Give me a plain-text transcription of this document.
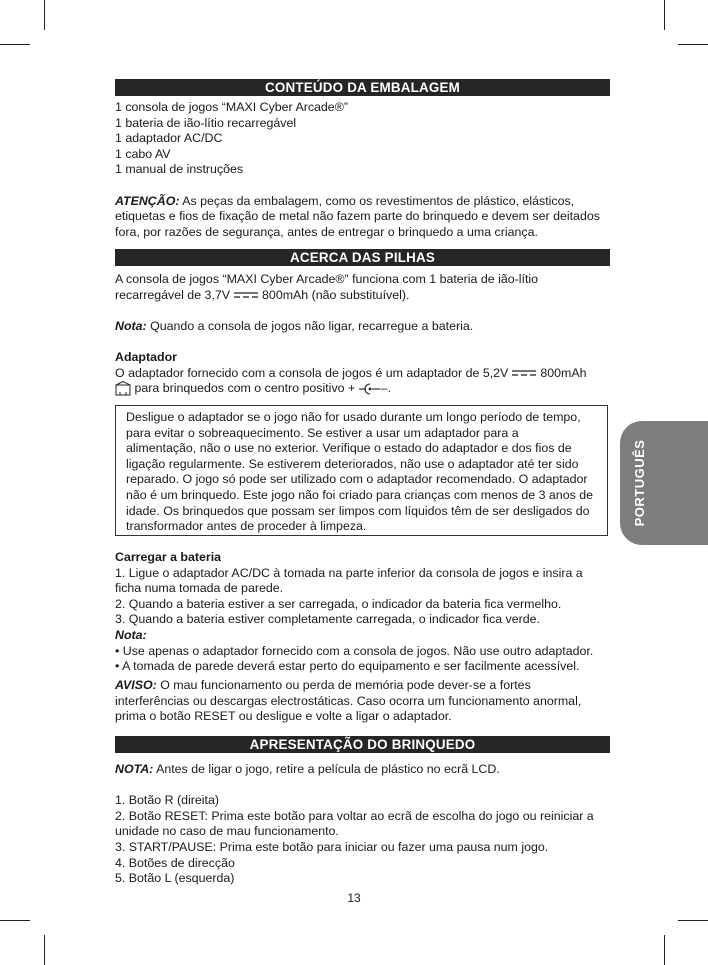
CONTEÚDO DA EMBALAGEM
1 consola de jogos “MAXI Cyber Arcade®”
1 bateria de ião-lítio recarregável
1 adaptador AC/DC
1 cabo AV
1 manual de instruções
ATENÇÃO: As peças da embalagem, como os revestimentos de plástico, elásticos,
etiquetas e fios de fixação de metal não fazem parte do brinquedo e devem ser deitados
fora, por razões de segurança, antes de entregar o brinquedo a uma criança.
ACERCA DAS PILHAS
A consola de jogos “MAXI Cyber Arcade®” funciona com 1 bateria de ião-lítio
recarregável de 3,7V	800mAh (não substituível).
Nota: Quando a consola de jogos não ligar, recarregue a bateria.
Adaptador
O adaptador fornecido com a consola de jogos é um adaptador de 5,2V	800mAh
para brinquedos com o centro positivo + –.
Desligue o adaptador se o jogo não for usado durante um longo período de tempo,
para evitar o sobreaquecimento. Se estiver a usar um adaptador para a
alimentação, não o use no exterior. Verifique o estado do adaptador e dos fios de
ligação regularmente. Se estiverem deteriorados, não use o adaptador até ter sido
reparado. O jogo só pode ser utilizado com o adaptador recomendado. O adaptador
não é um brinquedo. Este jogo não foi criado para crianças com menos de 3 anos de
idade. Os brinquedos que possam ser limpos com líquidos têm de ser desligados do
transformador antes de proceder à limpeza.
Carregar a bateria
1. Ligue o adaptador AC/DC à tomada na parte inferior da consola de jogos e insira a
ficha numa tomada de parede.
2. Quando a bateria estiver a ser carregada, o indicador da bateria fica vermelho.
3. Quando a bateria estiver completamente carregada, o indicador fica verde.
Nota:
• Use apenas o adaptador fornecido com a consola de jogos. Não use outro adaptador.
• A tomada de parede deverá estar perto do equipamento e ser facilmente acessível.
AVISO: O mau funcionamento ou perda de memória pode dever-se a fortes
interferências ou descargas electrostáticas. Caso ocorra um funcionamento anormal,
prima o botão RESET ou desligue e volte a ligar o adaptador.
APRESENTAÇÃO DO BRINQUEDO
NOTA: Antes de ligar o jogo, retire a película de plástico no ecrã LCD.
1. Botão R (direita)
2. Botão RESET: Prima este botão para voltar ao ecrã de escolha do jogo ou reiniciar a
unidade no caso de mau funcionamento.
3. START/PAUSE: Prima este botão para iniciar ou fazer uma pausa num jogo.
4. Botões de direcção
5. Botão L (esquerda)
PORTUGUÊS
13
